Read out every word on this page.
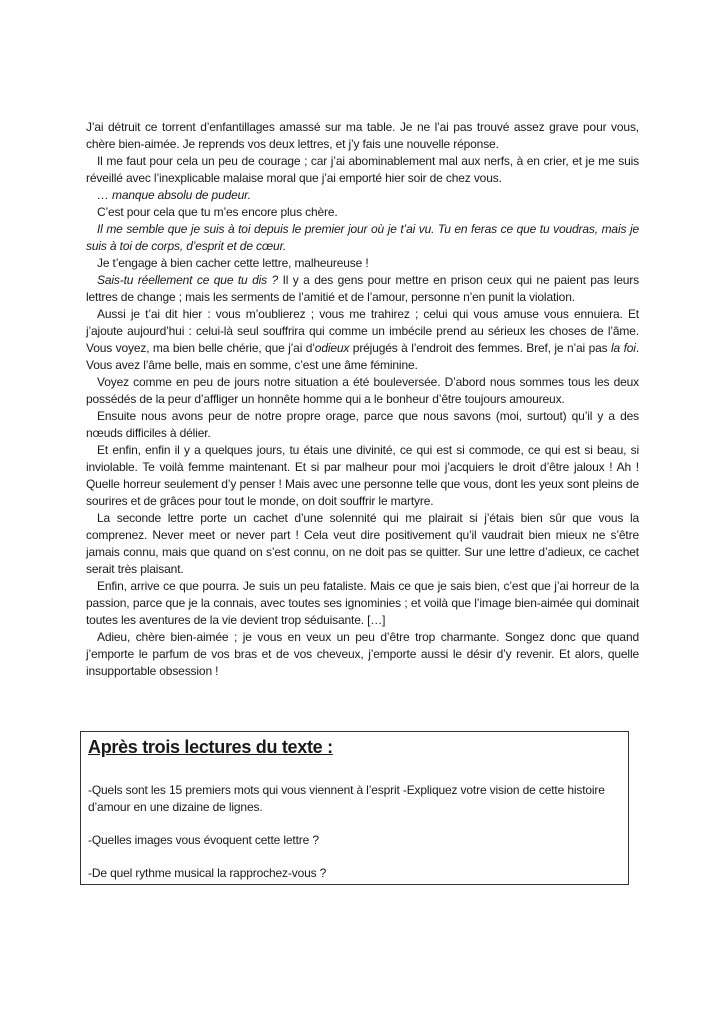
J’ai détruit ce torrent d’enfantillages amassé sur ma table. Je ne l’ai pas trouvé assez grave pour vous, chère bien-aimée. Je reprends vos deux lettres, et j’y fais une nouvelle réponse.

Il me faut pour cela un peu de courage ; car j’ai abominablement mal aux nerfs, à en crier, et je me suis réveillé avec l’inexplicable malaise moral que j’ai emporté hier soir de chez vous.

… manque absolu de pudeur.

C’est pour cela que tu m’es encore plus chère.

Il me semble que je suis à toi depuis le premier jour où je t’ai vu. Tu en feras ce que tu voudras, mais je suis à toi de corps, d’esprit et de cœur.

Je t’engage à bien cacher cette lettre, malheureuse !

Sais-tu réellement ce que tu dis ? Il y a des gens pour mettre en prison ceux qui ne paient pas leurs lettres de change ; mais les serments de l’amitié et de l’amour, personne n’en punit la violation.

Aussi je t’ai dit hier : vous m’oublierez ; vous me trahirez ; celui qui vous amuse vous ennuiera. Et j’ajoute aujourd’hui : celui-là seul souffrira qui comme un imbécile prend au sérieux les choses de l’âme. Vous voyez, ma bien belle chérie, que j’ai d’odieux préjugés à l’endroit des femmes. Bref, je n’ai pas la foi. Vous avez l’âme belle, mais en somme, c’est une âme féminine.

Voyez comme en peu de jours notre situation a été bouleversée. D’abord nous sommes tous les deux possédés de la peur d’affliger un honnête homme qui a le bonheur d’être toujours amoureux.

Ensuite nous avons peur de notre propre orage, parce que nous savons (moi, surtout) qu’il y a des nœuds difficiles à délier.

Et enfin, enfin il y a quelques jours, tu étais une divinité, ce qui est si commode, ce qui est si beau, si inviolable. Te voilà femme maintenant. Et si par malheur pour moi j’acquiers le droit d’être jaloux ! Ah ! Quelle horreur seulement d’y penser ! Mais avec une personne telle que vous, dont les yeux sont pleins de sourires et de grâces pour tout le monde, on doit souffrir le martyre.

La seconde lettre porte un cachet d’une solennité qui me plairait si j’étais bien sûr que vous la comprenez. Never meet or never part ! Cela veut dire positivement qu’il vaudrait bien mieux ne s’être jamais connu, mais que quand on s’est connu, on ne doit pas se quitter. Sur une lettre d’adieux, ce cachet serait très plaisant.

Enfin, arrive ce que pourra. Je suis un peu fataliste. Mais ce que je sais bien, c’est que j’ai horreur de la passion, parce que je la connais, avec toutes ses ignominies ; et voilà que l’image bien-aimée qui dominait toutes les aventures de la vie devient trop séduisante. […]

Adieu, chère bien-aimée ; je vous en veux un peu d’être trop charmante. Songez donc que quand j’emporte le parfum de vos bras et de vos cheveux, j’emporte aussi le désir d’y revenir. Et alors, quelle insupportable obsession !

Après trois lectures du texte :

-Quels sont les 15 premiers mots qui vous viennent à l’esprit -Expliquez votre vision de cette histoire d’amour en une dizaine de lignes.

-Quelles images vous évoquent cette lettre ?

-De quel rythme musical la rapprochez-vous ?
